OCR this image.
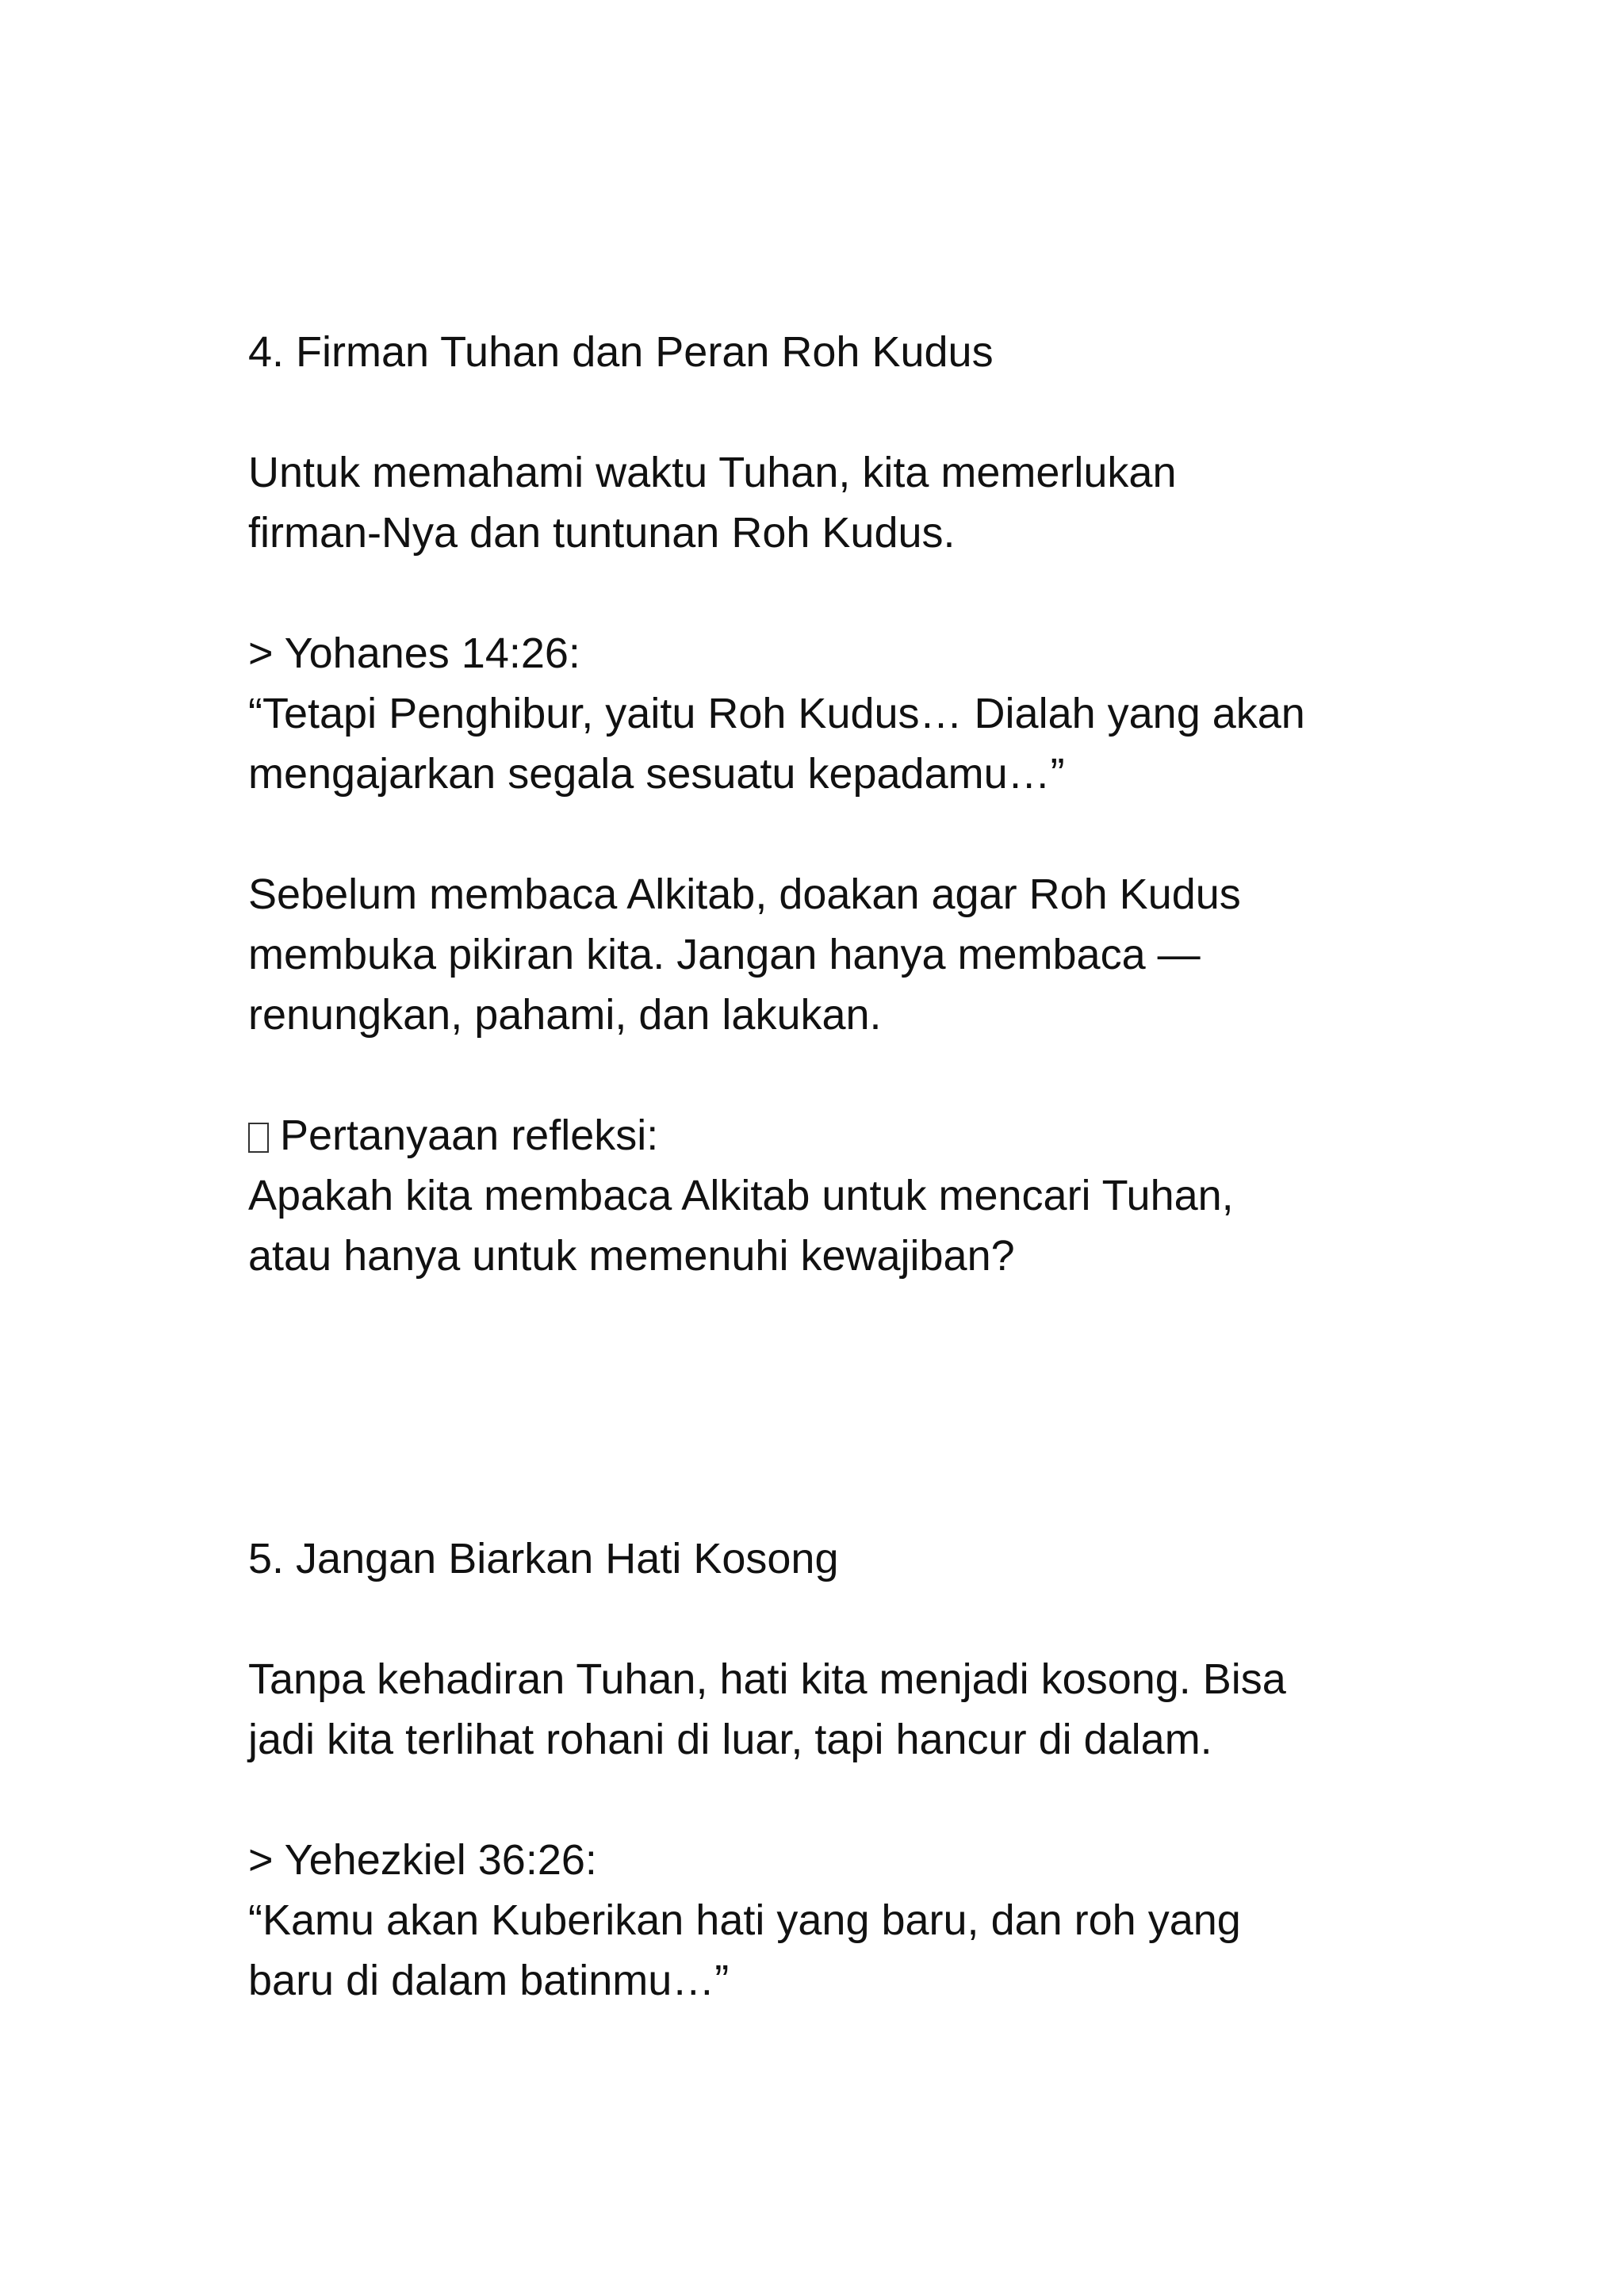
4. Firman Tuhan dan Peran Roh Kudus

Untuk memahami waktu Tuhan, kita memerlukan

firman-Nya dan tuntunan Roh Kudus.

> Yohanes 14:26:

“Tetapi Penghibur, yaitu Roh Kudus… Dialah yang akan

mengajarkan segala sesuatu kepadamu…”

Sebelum membaca Alkitab, doakan agar Roh Kudus

membuka pikiran kita. Jangan hanya membaca —

renungkan, pahami, dan lakukan.

Pertanyaan refleksi:

Apakah kita membaca Alkitab untuk mencari Tuhan,

atau hanya untuk memenuhi kewajiban?

5. Jangan Biarkan Hati Kosong

Tanpa kehadiran Tuhan, hati kita menjadi kosong. Bisa

jadi kita terlihat rohani di luar, tapi hancur di dalam.

> Yehezkiel 36:26:

“Kamu akan Kuberikan hati yang baru, dan roh yang

baru di dalam batinmu…”
